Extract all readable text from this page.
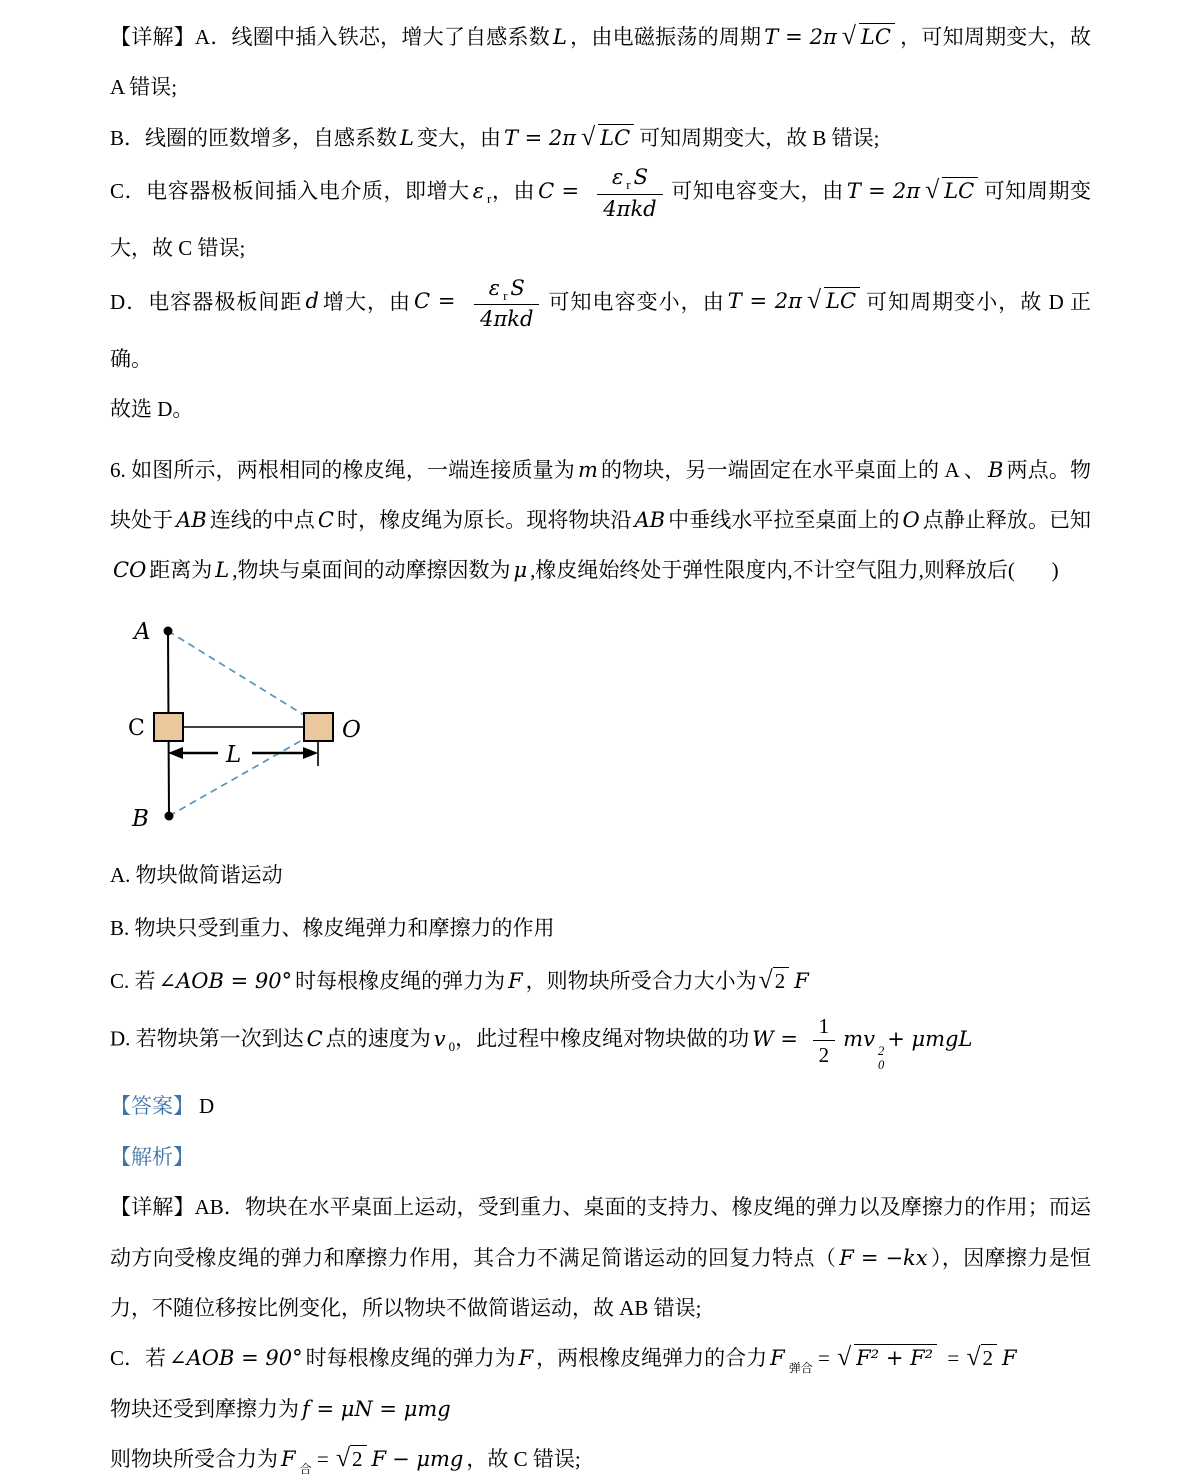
【详解】A．线圈中插入铁芯，增大了自感系数 L ，由电磁振荡的周期 T = 2π √ LC ，可知周期变大，故 A 错误;

B．线圈的匝数增多，自感系数 L 变大，由 T = 2π √ LC 可知周期变大，故 B 错误;

C．电容器极板间插入电介质，即增大 ε $_r$，由 $C = \frac{\varepsilon _r S}{\text{4πkd}}$ 可知电容变大，由 T = 2π √ LC 可知周期变大，故 C 错误;

D．电容器极板间距 d 增大，由 $C = \frac{\varepsilon _r S}{\text{4πkd}}$ 可知电容变小，由 T = 2π √ LC 可知周期变小，故 D 正确。

故选 D。

6. 如图所示，两根相同的橡皮绳，一端连接质量为 m 的物块，另一端固定在水平桌面上的 A 、 B 两点。物块处于 AB 连线的中点 C 时，橡皮绳为原长。现将物块沿 AB 中垂线水平拉至桌面上的 O 点静止释放。已知CO 距离为 L ,物块与桌面间的动摩擦因数为 μ ,橡皮绳始终处于弹性限度内,不计空气阻力,则释放后(       )

A
B
C	O
L

A. 物块做简谐运动

B. 物块只受到重力、橡皮绳弹力和摩擦力的作用

C. 若 ∠AOB = 90° 时每根橡皮绳的弹力为 F ，则物块所受合力大小为 √ 2 F

D. 若物块第一次到达 C 点的速度为 v $_0$，此过程中橡皮绳对物块做的功 $W = \frac{1}{2}$ mv 2
0
+ μmgL

【答案】 D

【解析】

【详解】AB．物块在水平桌面上运动，受到重力、桌面的支持力、橡皮绳的弹力以及摩擦力的作用；而运动方向受橡皮绳的弹力和摩擦力作用，其合力不满足简谐运动的回复力特点（ F = −kx ），因摩擦力是恒力，不随位移按比例变化，所以物块不做简谐运动，故 AB 错误;

C．若 ∠AOB = 90° 时每根橡皮绳的弹力为 F ，两根橡皮绳弹力的合力 F $_{弹合}$ = √ F² + F² = √ 2 F

物块还受到摩擦力为 f = μN = μmg

则物块所受合力为 F $_合$ = √ 2 F − μmg ，故 C 错误;
